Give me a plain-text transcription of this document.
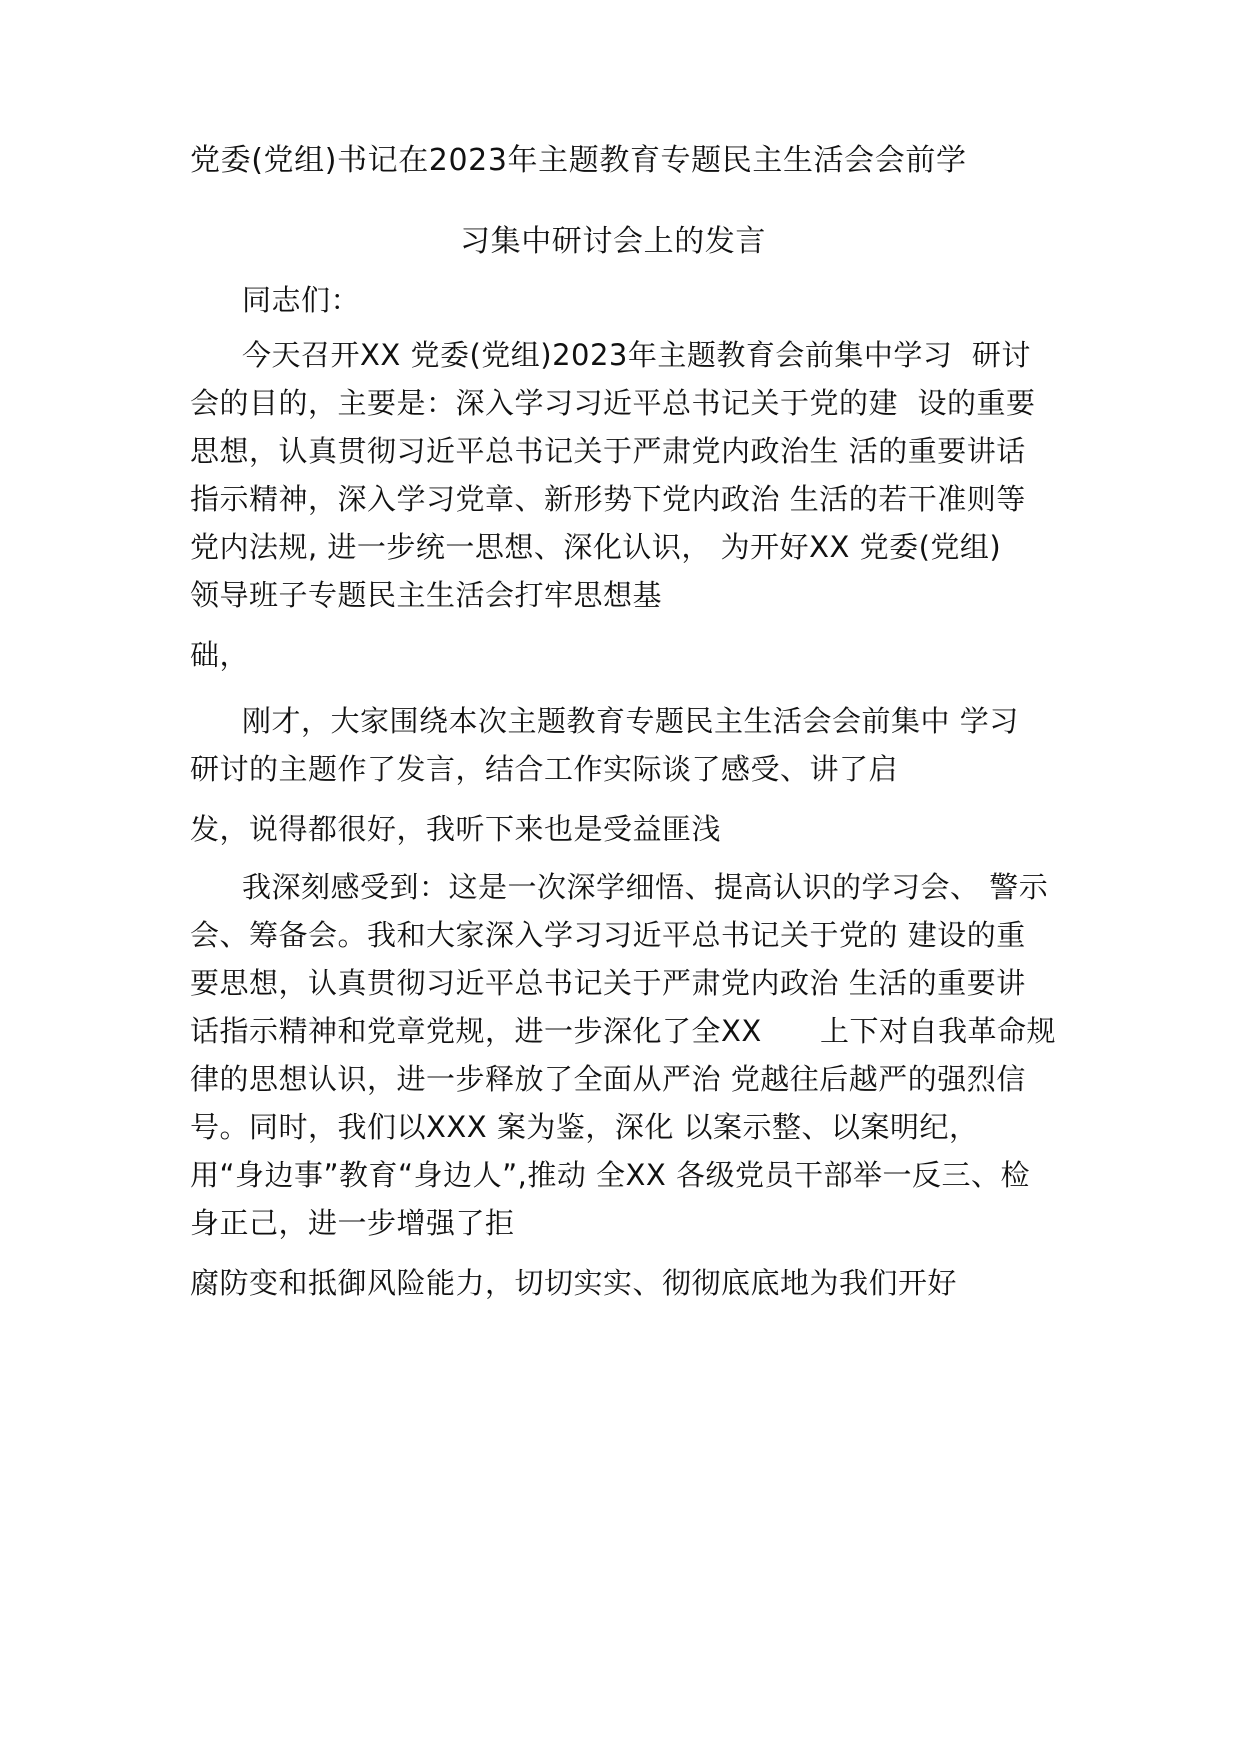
党委(党组)书记在2023年主题教育专题民主生活会会前学
习集中研讨会上的发言
同志们：
今天召开XX 党委(党组)2023年主题教育会前集中学习  研讨
会的目的，主要是：深入学习习近平总书记关于党的建  设的重要
思想，认真贯彻习近平总书记关于严肃党内政治生 活的重要讲话
指示精神，深入学习党章、新形势下党内政治 生活的若干准则等
党内法规, 进一步统一思想、深化认识， 为开好XX 党委(党组)
领导班子专题民主生活会打牢思想基
础，
刚才，大家围绕本次主题教育专题民主生活会会前集中 学习
研讨的主题作了发言，结合工作实际谈了感受、讲了启
发，说得都很好，我听下来也是受益匪浅
我深刻感受到：这是一次深学细悟、提高认识的学习会、 警示
会、筹备会。我和大家深入学习习近平总书记关于党的 建设的重
要思想，认真贯彻习近平总书记关于严肃党内政治 生活的重要讲
话指示精神和党章党规，进一步深化了全XX      上下对自我革命规
律的思想认识，进一步释放了全面从严治 党越往后越严的强烈信
号。同时，我们以XXX 案为鉴，深化 以案示整、以案明纪，
用“身边事”教育“身边人”,推动 全XX 各级党员干部举一反三、检
身正己，进一步增强了拒
腐防变和抵御风险能力，切切实实、彻彻底底地为我们开好
